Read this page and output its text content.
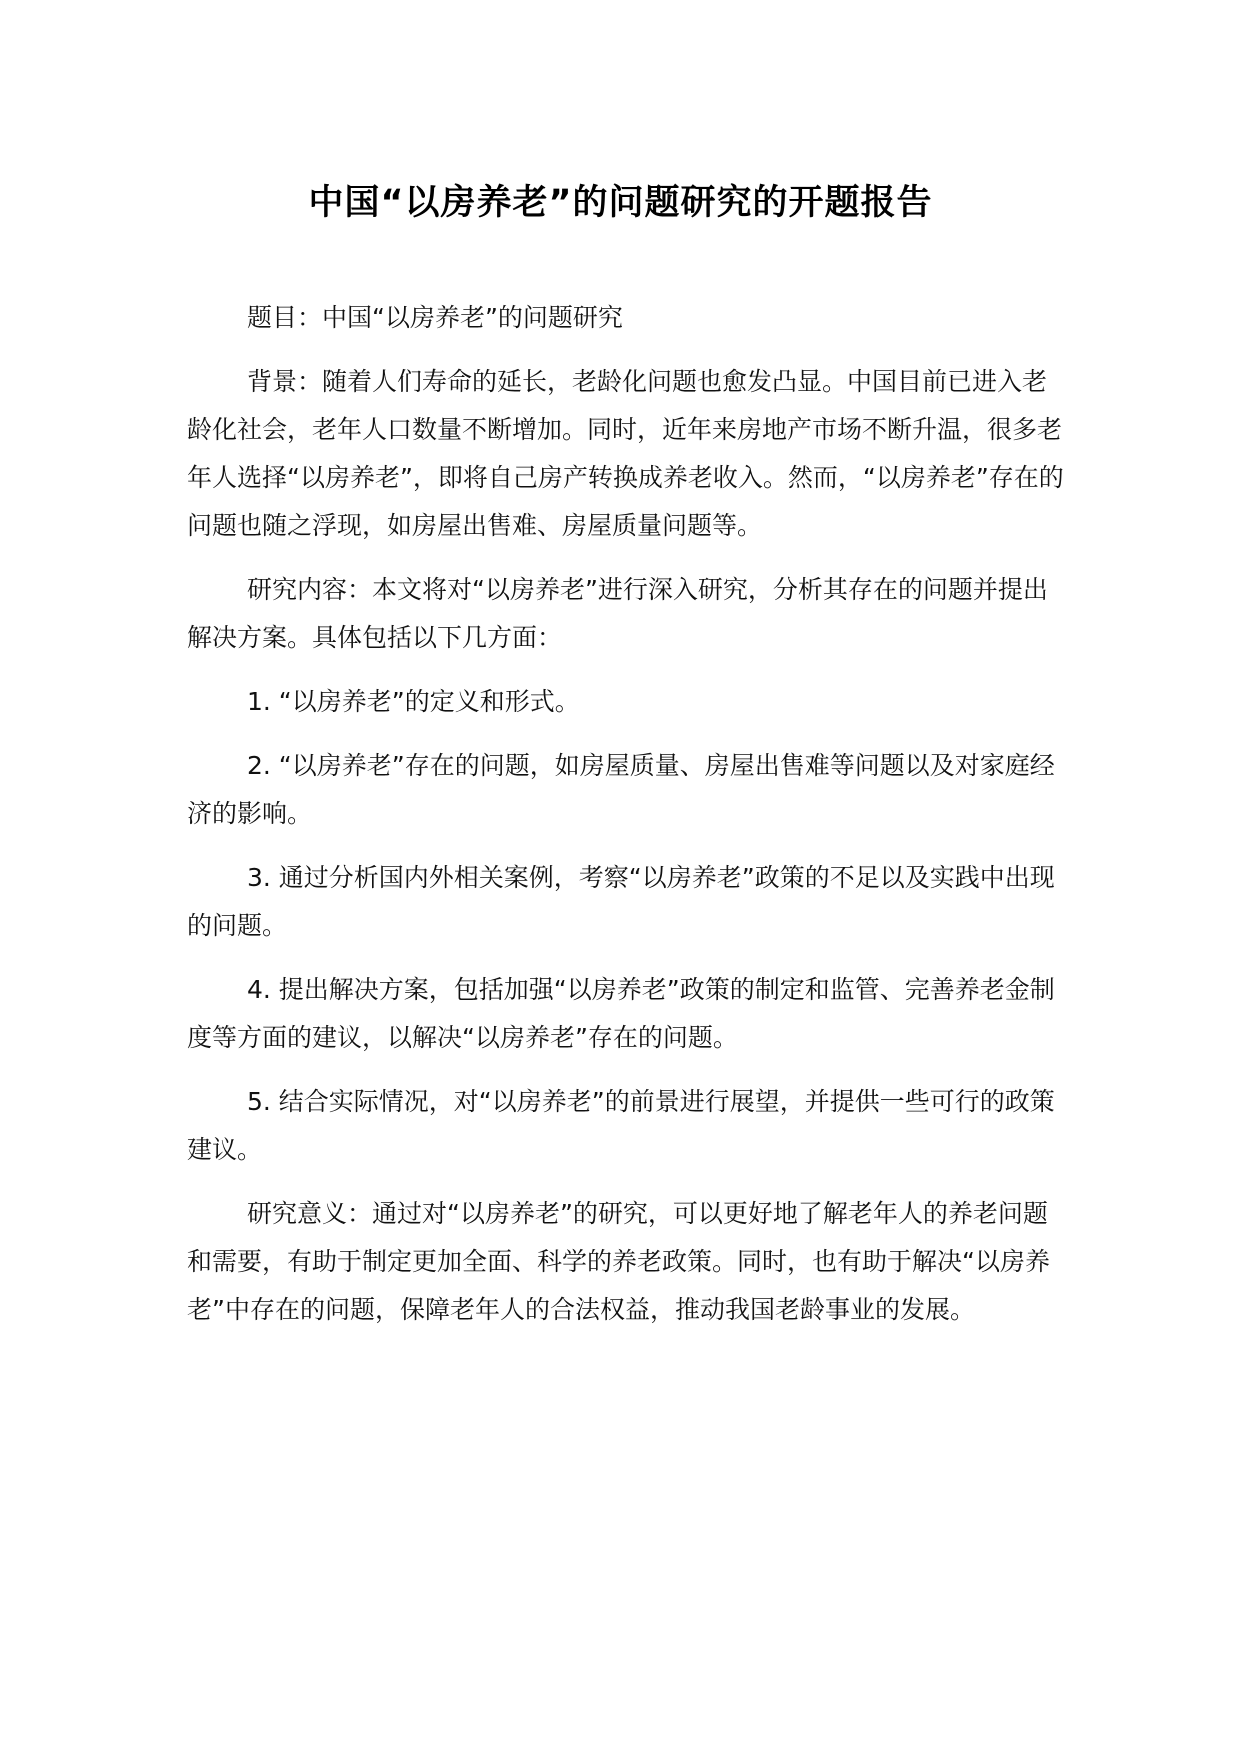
中国“以房养老”的问题研究的开题报告

题目：中国“以房养老”的问题研究

背景：随着人们寿命的延长，老龄化问题也愈发凸显。中国目前已进入老龄化社会，老年人口数量不断增加。同时，近年来房地产市场不断升温，很多老年人选择“以房养老”，即将自己房产转换成养老收入。然而，“以房养老”存在的问题也随之浮现，如房屋出售难、房屋质量问题等。

研究内容：本文将对“以房养老”进行深入研究，分析其存在的问题并提出解决方案。具体包括以下几方面：

1. “以房养老”的定义和形式。

2. “以房养老”存在的问题，如房屋质量、房屋出售难等问题以及对家庭经济的影响。

3. 通过分析国内外相关案例，考察“以房养老”政策的不足以及实践中出现的问题。

4. 提出解决方案，包括加强“以房养老”政策的制定和监管、完善养老金制度等方面的建议，以解决“以房养老”存在的问题。

5. 结合实际情况，对“以房养老”的前景进行展望，并提供一些可行的政策建议。

研究意义：通过对“以房养老”的研究，可以更好地了解老年人的养老问题和需要，有助于制定更加全面、科学的养老政策。同时，也有助于解决“以房养老”中存在的问题，保障老年人的合法权益，推动我国老龄事业的发展。
